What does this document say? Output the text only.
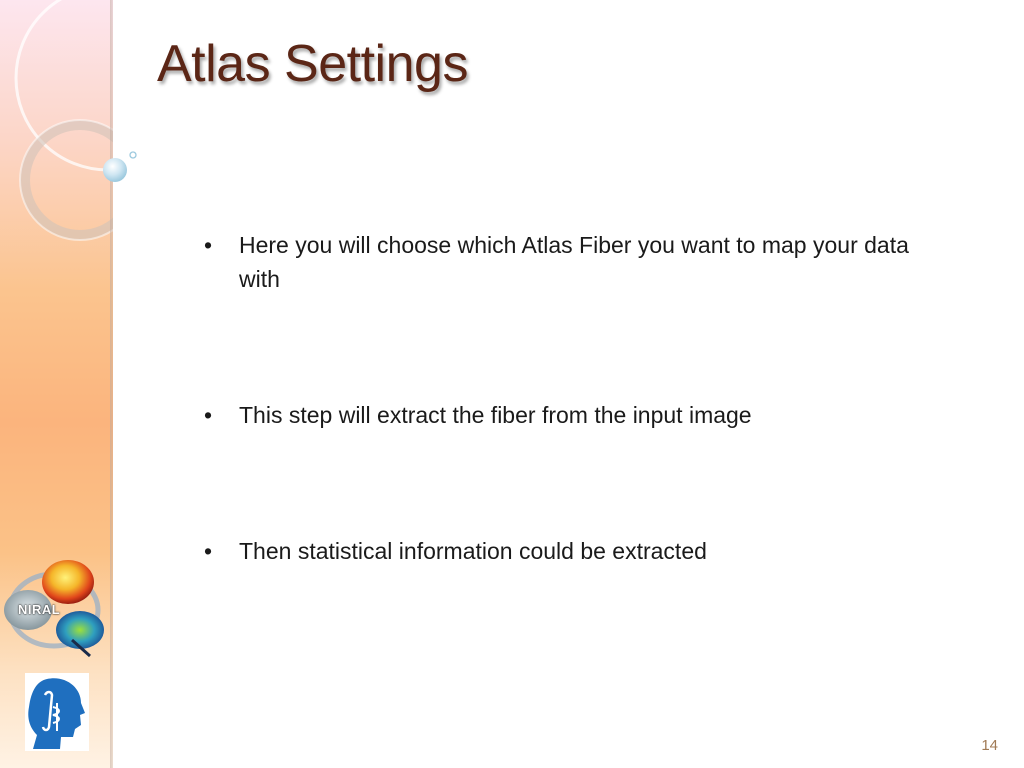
Atlas Settings
•	Here you will choose which Atlas Fiber you want to map your data with
•	This step will extract the fiber from the input image
•	Then statistical information could be extracted
NIRAL
14
